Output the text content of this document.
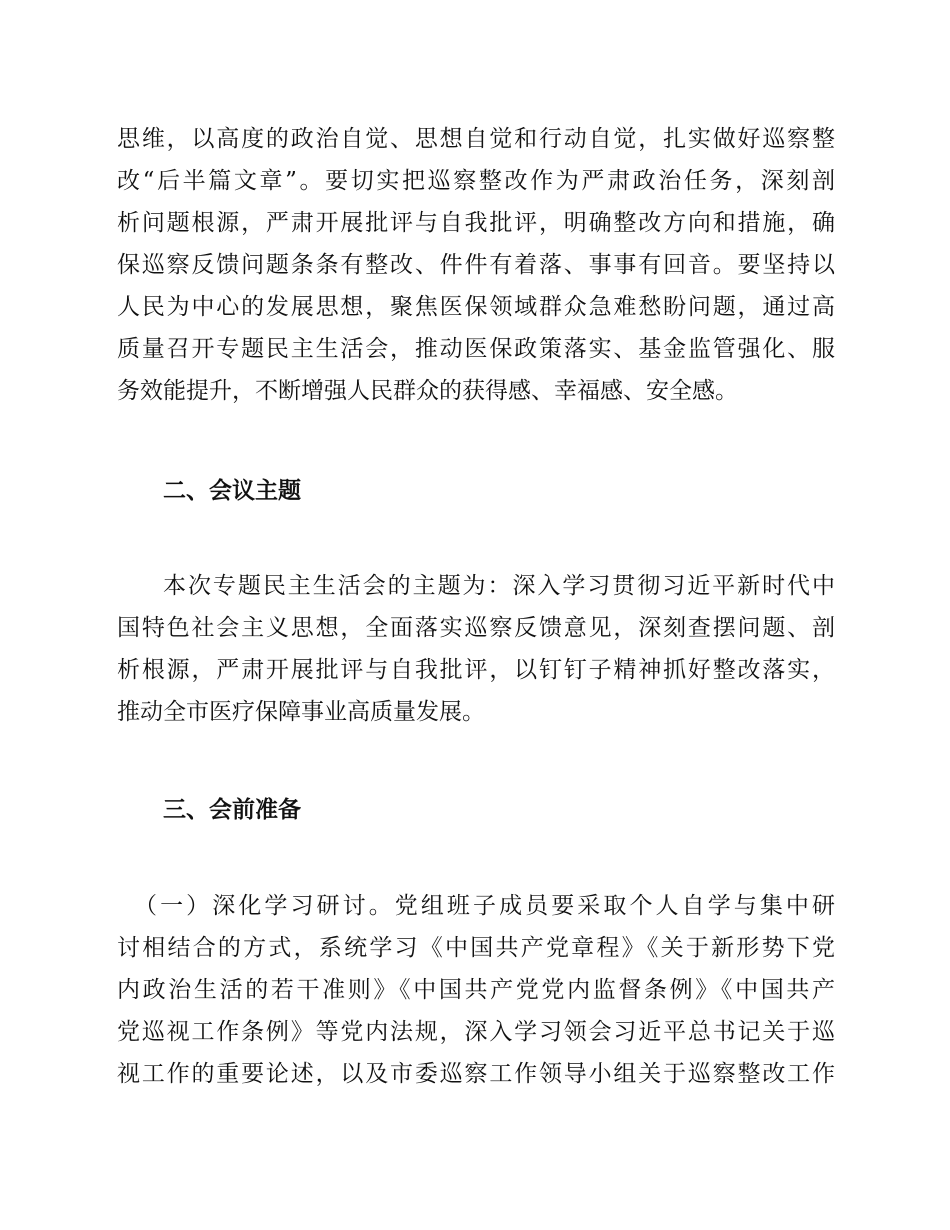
思维，以高度的政治自觉、思想自觉和行动自觉，扎实做好巡察整
改“后半篇文章”。要切实把巡察整改作为严肃政治任务，深刻剖
析问题根源，严肃开展批评与自我批评，明确整改方向和措施，确
保巡察反馈问题条条有整改、件件有着落、事事有回音。要坚持以
人民为中心的发展思想，聚焦医保领域群众急难愁盼问题，通过高
质量召开专题民主生活会，推动医保政策落实、基金监管强化、服
务效能提升，不断增强人民群众的获得感、幸福感、安全感。
二、会议主题
本次专题民主生活会的主题为：深入学习贯彻习近平新时代中
国特色社会主义思想，全面落实巡察反馈意见，深刻查摆问题、剖
析根源，严肃开展批评与自我批评，以钉钉子精神抓好整改落实，
推动全市医疗保障事业高质量发展。
三、会前准备
（一）深化学习研讨。党组班子成员要采取个人自学与集中研
讨相结合的方式，系统学习《中国共产党章程》《关于新形势下党
内政治生活的若干准则》《中国共产党党内监督条例》《中国共产
党巡视工作条例》等党内法规，深入学习领会习近平总书记关于巡
视工作的重要论述，以及市委巡察工作领导小组关于巡察整改工作
